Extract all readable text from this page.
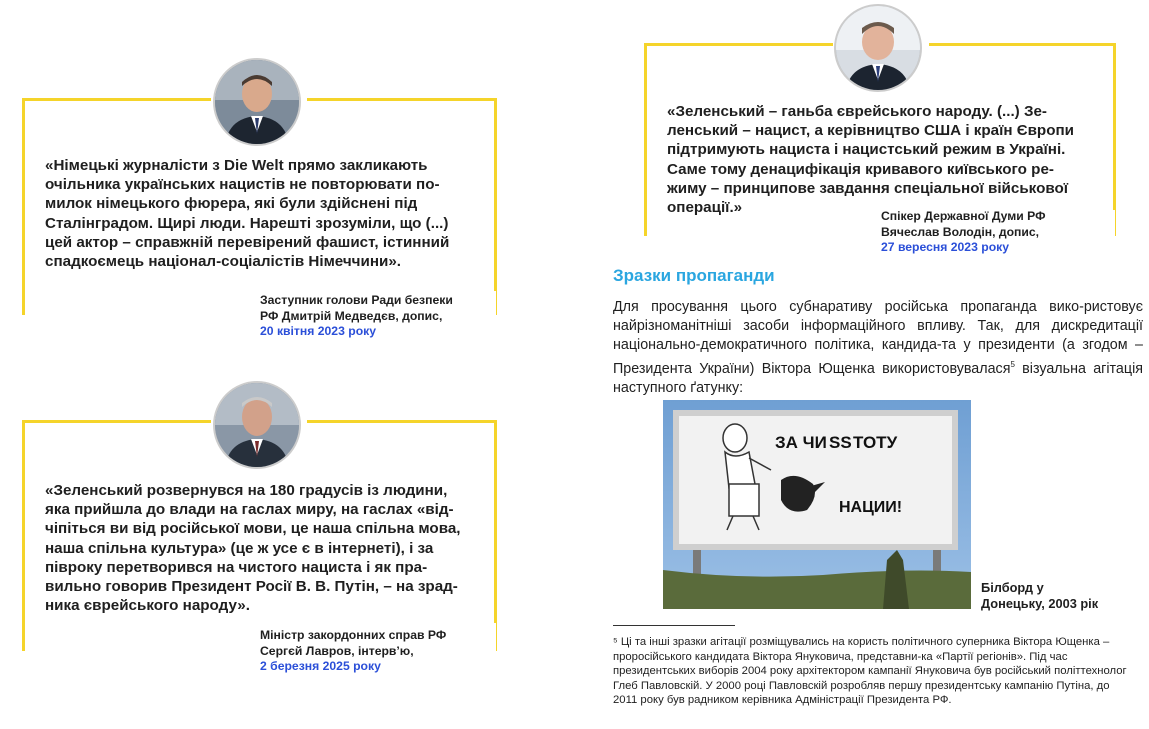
«Німецькі журналісти з Die Welt прямо закликають
очільника українських нацистів не повторювати по-
милок німецького фюрера, які були здійснені під
Сталінградом. Щирі люди. Нарешті зрозуміли, що (...)
цей актор – справжній перевірений фашист, істинний
спадкоємець націонал-соціалістів Німеччини».
Заступник голови Ради безпеки
РФ Дмитрій Медведєв, допис,
20 квітня 2023 року
«Зеленський розвернувся на 180 градусів із людини,
яка прийшла до влади на гаслах миру, на гаслах «від-
чіпіться ви від російської мови, це наша спільна мова,
наша спільна культура» (це ж усе є в інтернеті), і за
півроку перетворився на чистого нациста і як пра-
вильно говорив Президент Росії В. В. Путін, – на зрад-
ника єврейського народу».
Міністр закордонних справ РФ
Сергєй Лавров, інтерв’ю,
2 березня 2025 року
«Зеленський – ганьба єврейського народу. (...) Зе-
ленський – нацист, а керівництво США і країн Європи
підтримують нациста і нацистський режим в Україні.
Саме тому денацифікація кривавого київського ре-
жиму – принципове завдання спеціальної військової
операції.»	Спікер Державної Думи РФ
Вячеслав Володін, допис,
27 вересня 2023 року
Зразки пропаганди
Для просування цього субнаративу російська пропаганда вико-ристовує найрізноманітніші засоби інформаційного впливу. Так, для дискредитації національно-демократичного політика, кандида-та у президенти (а згодом – Президента України) Віктора Ющенка використовувалася$^5$ візуальна агітація наступного ґатунку:
ЗА ЧИ SS ТОТУ
НАЦИИ!
Білборд у
Донецьку, 2003 рік
⁵ Ці та інші зразки агітації розміщувались на користь політичного суперника Віктора Ющенка – проросійського кандидата Віктора Януковича, представни-ка «Партії регіонів». Під час президентських виборів 2004 року архітектором кампанії Януковича був російський політтехнолог Глеб Павловскій. У 2000 році Павловскій розробляв першу президентську кампанію Путіна, до 2011 року був радником керівника Адміністрації Президента РФ.
